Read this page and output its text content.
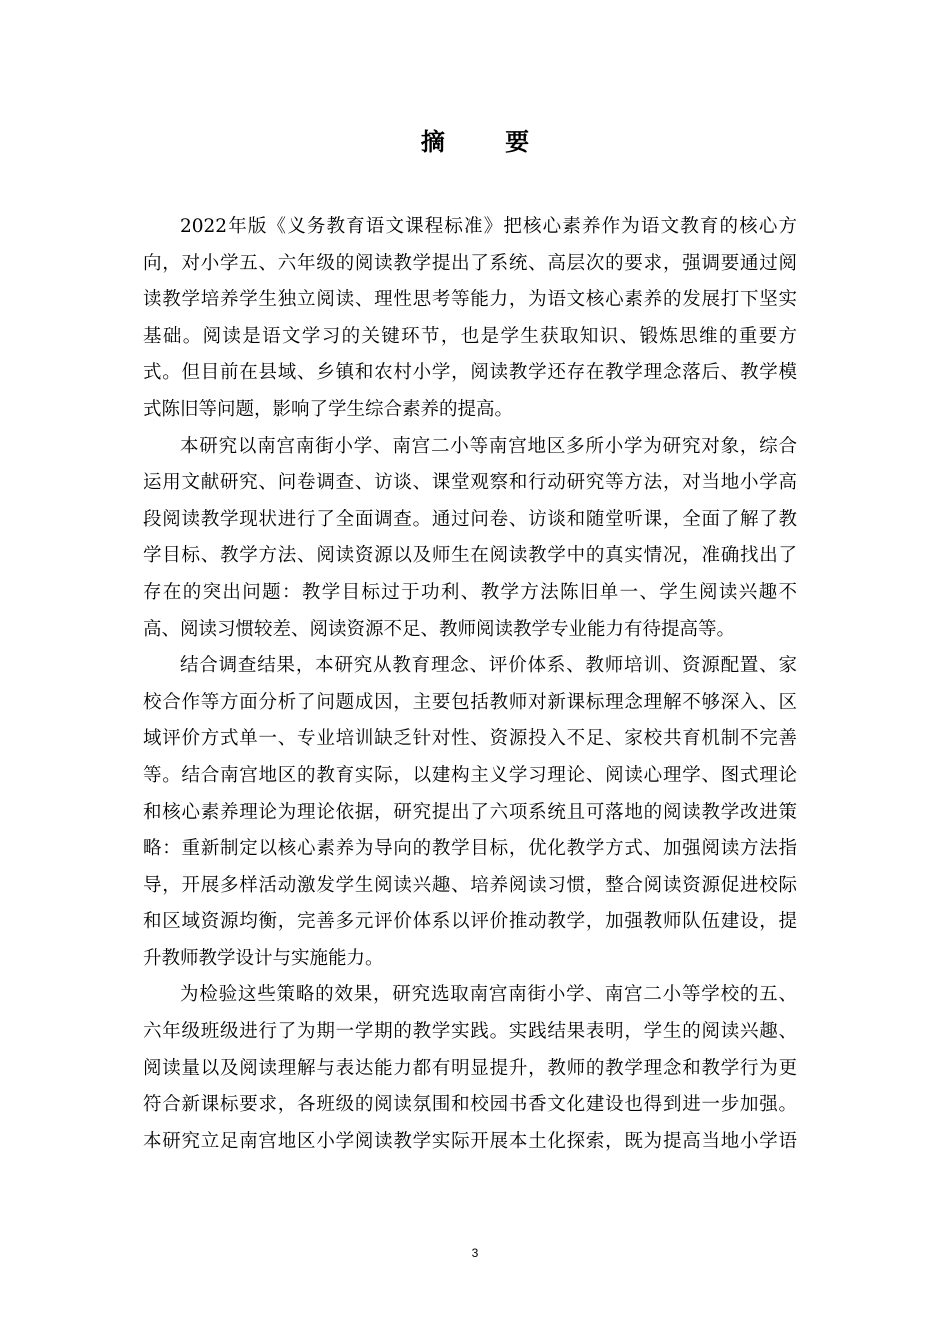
摘 要
2022年版《义务教育语文课程标准》把核心素养作为语文教育的核心方
向，对小学五、六年级的阅读教学提出了系统、高层次的要求，强调要通过阅
读教学培养学生独立阅读、理性思考等能力，为语文核心素养的发展打下坚实
基础。阅读是语文学习的关键环节，也是学生获取知识、锻炼思维的重要方
式。但目前在县域、乡镇和农村小学，阅读教学还存在教学理念落后、教学模
式陈旧等问题，影响了学生综合素养的提高。
本研究以南宫南街小学、南宫二小等南宫地区多所小学为研究对象，综合
运用文献研究、问卷调查、访谈、课堂观察和行动研究等方法，对当地小学高
段阅读教学现状进行了全面调查。通过问卷、访谈和随堂听课，全面了解了教
学目标、教学方法、阅读资源以及师生在阅读教学中的真实情况，准确找出了
存在的突出问题：教学目标过于功利、教学方法陈旧单一、学生阅读兴趣不
高、阅读习惯较差、阅读资源不足、教师阅读教学专业能力有待提高等。
结合调查结果，本研究从教育理念、评价体系、教师培训、资源配置、家
校合作等方面分析了问题成因，主要包括教师对新课标理念理解不够深入、区
域评价方式单一、专业培训缺乏针对性、资源投入不足、家校共育机制不完善
等。结合南宫地区的教育实际，以建构主义学习理论、阅读心理学、图式理论
和核心素养理论为理论依据，研究提出了六项系统且可落地的阅读教学改进策
略：重新制定以核心素养为导向的教学目标，优化教学方式、加强阅读方法指
导，开展多样活动激发学生阅读兴趣、培养阅读习惯，整合阅读资源促进校际
和区域资源均衡，完善多元评价体系以评价推动教学，加强教师队伍建设，提
升教师教学设计与实施能力。
为检验这些策略的效果，研究选取南宫南街小学、南宫二小等学校的五、
六年级班级进行了为期一学期的教学实践。实践结果表明，学生的阅读兴趣、
阅读量以及阅读理解与表达能力都有明显提升，教师的教学理念和教学行为更
符合新课标要求，各班级的阅读氛围和校园书香文化建设也得到进一步加强。
本研究立足南宫地区小学阅读教学实际开展本土化探索，既为提高当地小学语
3
